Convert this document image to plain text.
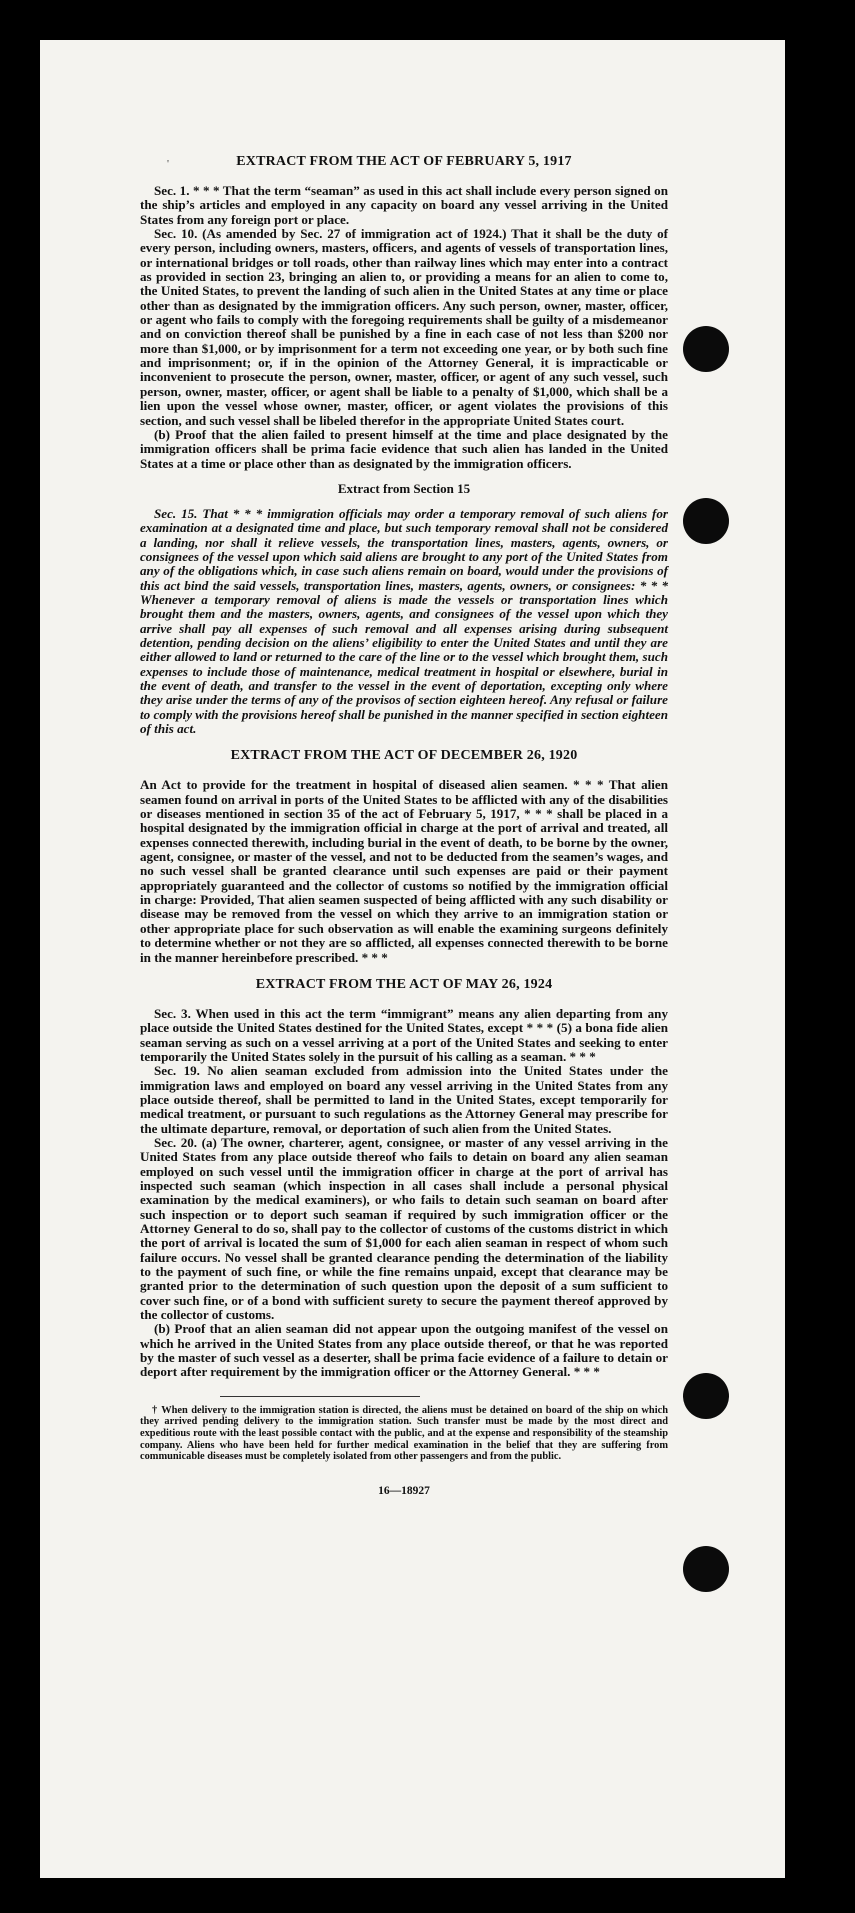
'	EXTRACT FROM THE ACT OF FEBRUARY 5, 1917

Sec. 1. * * * That the term “seaman” as used in this act shall include every person signed on the ship’s articles and employed in any capacity on board any vessel arriving in the United States from any foreign port or place.

Sec. 10. (As amended by Sec. 27 of immigration act of 1924.) That it shall be the duty of every person, including owners, masters, officers, and agents of vessels of transportation lines, or international bridges or toll roads, other than railway lines which may enter into a contract as provided in section 23, bringing an alien to, or providing a means for an alien to come to, the United States, to prevent the landing of such alien in the United States at any time or place other than as designated by the immigration officers. Any such person, owner, master, officer, or agent who fails to comply with the foregoing requirements shall be guilty of a misdemeanor and on conviction thereof shall be punished by a fine in each case of not less than $200 nor more than $1,000, or by imprisonment for a term not exceeding one year, or by both such fine and imprisonment; or, if in the opinion of the Attorney General, it is impracticable or inconvenient to prosecute the person, owner, master, officer, or agent of any such vessel, such person, owner, master, officer, or agent shall be liable to a penalty of $1,000, which shall be a lien upon the vessel whose owner, master, officer, or agent violates the provisions of this section, and such vessel shall be libeled therefor in the appropriate United States court.

(b) Proof that the alien failed to present himself at the time and place designated by the immigration officers shall be prima facie evidence that such alien has landed in the United States at a time or place other than as designated by the immigration officers.

Extract from Section 15

Sec. 15. That * * * immigration officials may order a temporary removal of such aliens for examination at a designated time and place, but such temporary removal shall not be considered a landing, nor shall it relieve vessels, the transportation lines, masters, agents, owners, or consignees of the vessel upon which said aliens are brought to any port of the United States from any of the obligations which, in case such aliens remain on board, would under the provisions of this act bind the said vessels, transportation lines, masters, agents, owners, or consignees: * * * Whenever a temporary removal of aliens is made the vessels or transportation lines which brought them and the masters, owners, agents, and consignees of the vessel upon which they arrive shall pay all expenses of such removal and all expenses arising during subsequent detention, pending decision on the aliens’ eligibility to enter the United States and until they are either allowed to land or returned to the care of the line or to the vessel which brought them, such expenses to include those of maintenance, medical treatment in hospital or elsewhere, burial in the event of death, and transfer to the vessel in the event of deportation, excepting only where they arise under the terms of any of the provisos of section eighteen hereof. Any refusal or failure to comply with the provisions hereof shall be punished in the manner specified in section eighteen of this act.

EXTRACT FROM THE ACT OF DECEMBER 26, 1920

An Act to provide for the treatment in hospital of diseased alien seamen. * * * That alien seamen found on arrival in ports of the United States to be afflicted with any of the disabilities or diseases mentioned in section 35 of the act of February 5, 1917, * * * shall be placed in a hospital designated by the immigration official in charge at the port of arrival and treated, all expenses connected therewith, including burial in the event of death, to be borne by the owner, agent, consignee, or master of the vessel, and not to be deducted from the seamen’s wages, and no such vessel shall be granted clearance until such expenses are paid or their payment appropriately guaranteed and the collector of customs so notified by the immigration official in charge: Provided, That alien seamen suspected of being afflicted with any such disability or disease may be removed from the vessel on which they arrive to an immigration station or other appropriate place for such observation as will enable the examining surgeons definitely to determine whether or not they are so afflicted, all expenses connected therewith to be borne in the manner hereinbefore prescribed. * * *

EXTRACT FROM THE ACT OF MAY 26, 1924

Sec. 3. When used in this act the term “immigrant” means any alien departing from any place outside the United States destined for the United States, except * * * (5) a bona fide alien seaman serving as such on a vessel arriving at a port of the United States and seeking to enter temporarily the United States solely in the pursuit of his calling as a seaman. * * *

Sec. 19. No alien seaman excluded from admission into the United States under the immigration laws and employed on board any vessel arriving in the United States from any place outside thereof, shall be permitted to land in the United States, except temporarily for medical treatment, or pursuant to such regulations as the Attorney General may prescribe for the ultimate departure, removal, or deportation of such alien from the United States.

Sec. 20. (a) The owner, charterer, agent, consignee, or master of any vessel arriving in the United States from any place outside thereof who fails to detain on board any alien seaman employed on such vessel until the immigration officer in charge at the port of arrival has inspected such seaman (which inspection in all cases shall include a personal physical examination by the medical examiners), or who fails to detain such seaman on board after such inspection or to deport such seaman if required by such immigration officer or the Attorney General to do so, shall pay to the collector of customs of the customs district in which the port of arrival is located the sum of $1,000 for each alien seaman in respect of whom such failure occurs. No vessel shall be granted clearance pending the determination of the liability to the payment of such fine, or while the fine remains unpaid, except that clearance may be granted prior to the determination of such question upon the deposit of a sum sufficient to cover such fine, or of a bond with sufficient surety to secure the payment thereof approved by the collector of customs.

(b) Proof that an alien seaman did not appear upon the outgoing manifest of the vessel on which he arrived in the United States from any place outside thereof, or that he was reported by the master of such vessel as a deserter, shall be prima facie evidence of a failure to detain or deport after requirement by the immigration officer or the Attorney General. * * *

† When delivery to the immigration station is directed, the aliens must be detained on board of the ship on which they arrived pending delivery to the immigration station. Such transfer must be made by the most direct and expeditious route with the least possible contact with the public, and at the expense and responsibility of the steamship company. Aliens who have been held for further medical examination in the belief that they are suffering from communicable diseases must be completely isolated from other passengers and from the public.

16—18927
